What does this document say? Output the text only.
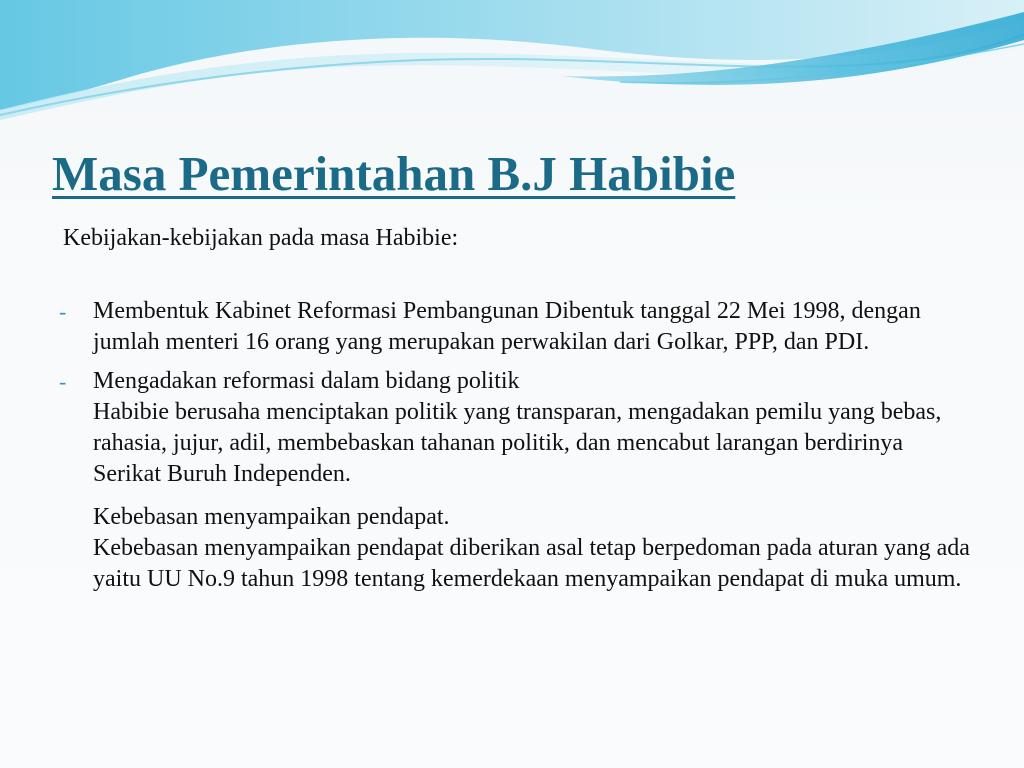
Masa Pemerintahan B.J Habibie

Kebijakan-kebijakan pada masa Habibie:

- Membentuk Kabinet Reformasi Pembangunan Dibentuk tanggal 22 Mei 1998, dengan jumlah menteri 16 orang yang merupakan perwakilan dari Golkar, PPP, dan PDI.

- Mengadakan reformasi dalam bidang politik

Habibie berusaha menciptakan politik yang transparan, mengadakan pemilu yang bebas, rahasia, jujur, adil, membebaskan tahanan politik, dan mencabut larangan berdirinya Serikat Buruh Independen.

Kebebasan menyampaikan pendapat.

Kebebasan menyampaikan pendapat diberikan asal tetap berpedoman pada aturan yang ada yaitu UU No.9 tahun 1998 tentang kemerdekaan menyampaikan pendapat di muka umum.
